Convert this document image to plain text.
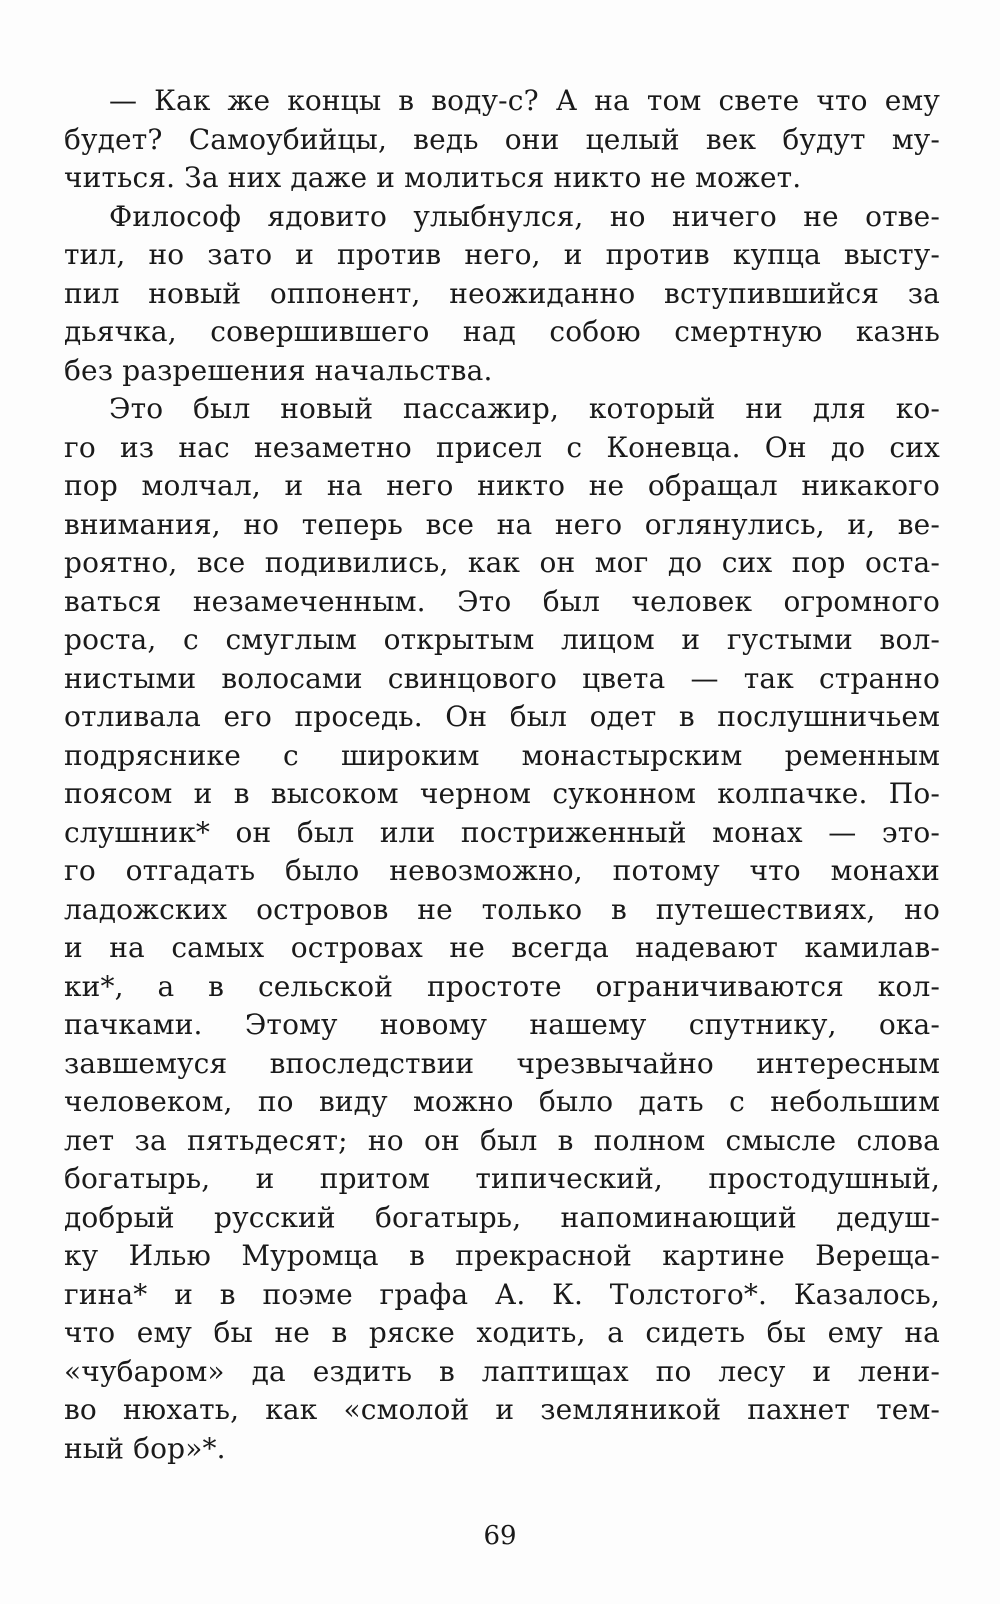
— Как же концы в воду-с? А на том свете что ему
будет? Самоубийцы, ведь они целый век будут му-
читься. За них даже и молиться никто не может.
Философ ядовито улыбнулся, но ничего не отве-
тил, но зато и против него, и против купца высту-
пил новый оппонент, неожиданно вступившийся за
дьячка, совершившего над собою смертную казнь
без разрешения начальства.
Это был новый пассажир, который ни для ко-
го из нас незаметно присел с Коневца. Он до сих
пор молчал, и на него никто не обращал никакого
внимания, но теперь все на него оглянулись, и, ве-
роятно, все подивились, как он мог до сих пор оста-
ваться незамеченным. Это был человек огромного
роста, с смуглым открытым лицом и густыми вол-
нистыми волосами свинцового цвета — так странно
отливала его проседь. Он был одет в послушничьем
подряснике с широким монастырским ременным
поясом и в высоком черном суконном колпачке. По-
слушник* он был или постриженный монах — это-
го отгадать было невозможно, потому что монахи
ладожских островов не только в путешествиях, но
и на самых островах не всегда надевают камилав-
ки*, а в сельской простоте ограничиваются кол-
пачками. Этому новому нашему спутнику, ока-
завшемуся впоследствии чрезвычайно интересным
человеком, по виду можно было дать с небольшим
лет за пятьдесят; но он был в полном смысле слова
богатырь, и притом типический, простодушный,
добрый русский богатырь, напоминающий дедуш-
ку Илью Муромца в прекрасной картине Верещa-
гина* и в поэме графа А. К. Толстого*. Казалось,
что ему бы не в ряске ходить, а сидеть бы ему на
«чубаром» да ездить в лаптищах по лесу и лени-
во нюхать, как «смолой и земляникой пахнет тем-
ный бор»*.
69
